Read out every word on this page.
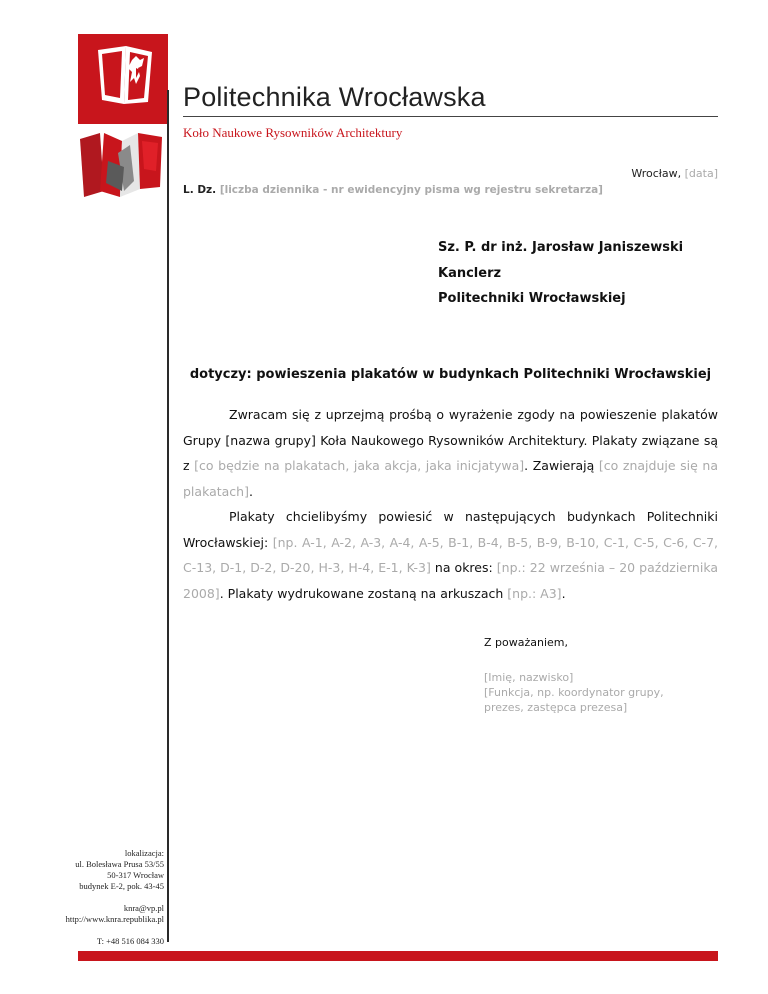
Politechnika Wrocławska
Koło Naukowe Rysowników Architektury
Wrocław, [data]
L. Dz. [liczba dziennika - nr ewidencyjny pisma wg rejestru sekretarza]
Sz. P. dr inż. Jarosław Janiszewski
Kanclerz
Politechniki Wrocławskiej
dotyczy: powieszenia plakatów w budynkach Politechniki Wrocławskiej

Zwracam się z uprzejmą prośbą o wyrażenie zgody na powieszenie plakatów Grupy [nazwa grupy] Koła Naukowego Rysowników Architektury. Plakaty związane są z [co będzie na plakatach, jaka akcja, jaka inicjatywa]. Zawierają [co znajduje się na plakatach].

Plakaty chcielibyśmy powiesić w następujących budynkach Politechniki Wrocławskiej: [np. A-1, A-2, A-3, A-4, A-5, B-1, B-4, B-5, B-9, B-10, C-1, C-5, C-6, C-7, C-13, D-1, D-2, D-20, H-3, H-4, E-1, K-3] na okres: [np.: 22 września – 20 października 2008]. Plakaty wydrukowane zostaną na arkuszach [np.: A3].

Z poważaniem,
[Imię, nazwisko]
[Funkcja, np. koordynator grupy,
prezes, zastępca prezesa]
lokalizacja:
ul. Bolesława Prusa 53/55
50-317 Wrocław
budynek E-2, pok. 43-45
knra@vp.pl
http://www.knra.republika.pl
T: +48 516 084 330
